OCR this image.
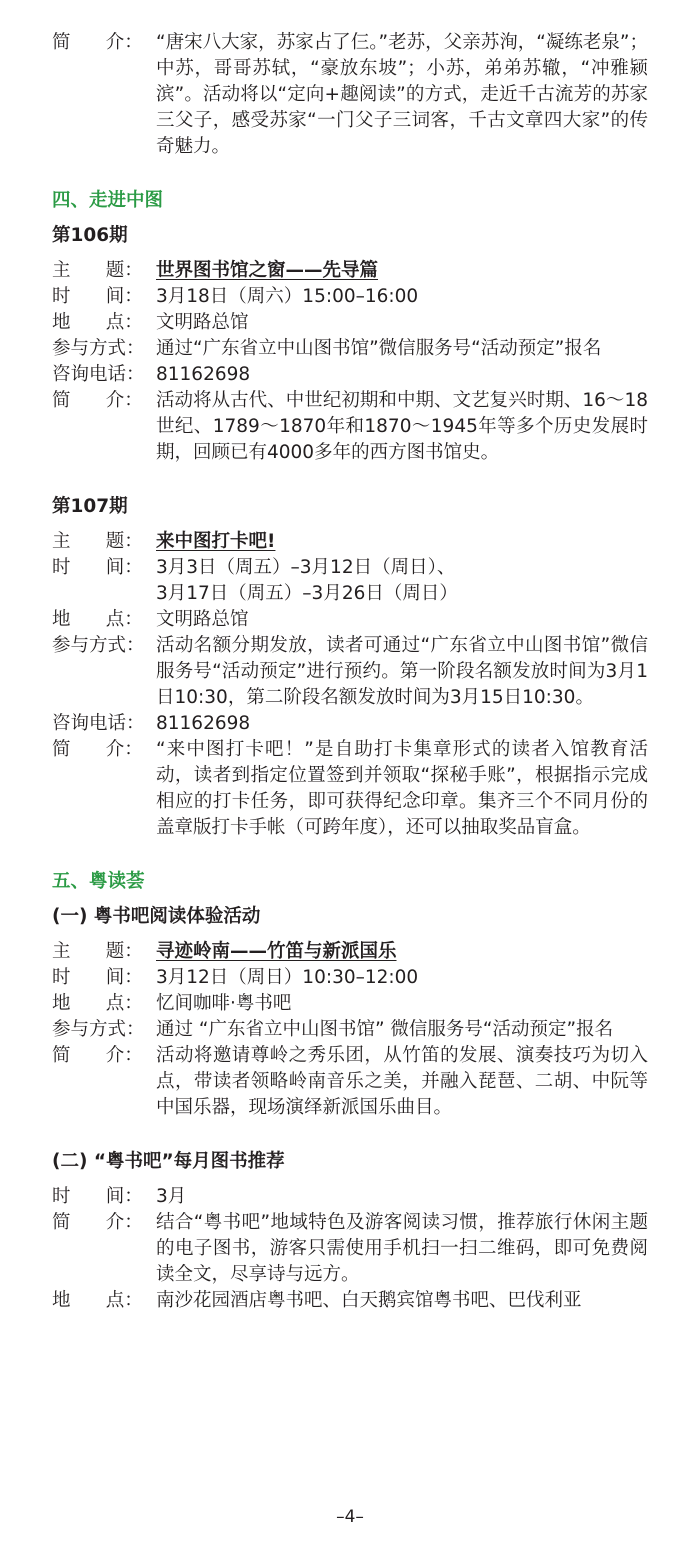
简      介： “唐宋八大家，苏家占了仨。”老苏，父亲苏洵，“凝练老泉”；中苏，哥哥苏轼，“豪放东坡”；小苏，弟弟苏辙，“冲雅颍滨”。活动将以“定向+趣阅读”的方式，走近千古流芳的苏家三父子，感受苏家“一门父子三词客，千古文章四大家”的传奇魅力。
四、走进中图
第106期
主      题： 世界图书馆之窗——先导篇
时      间： 3月18日（周六）15:00–16:00
地      点： 文明路总馆
参与方式： 通过“广东省立中山图书馆”微信服务号“活动预定”报名
咨询电话： 81162698
简      介： 活动将从古代、中世纪初期和中期、文艺复兴时期、16～18世纪、1789～1870年和1870～1945年等多个历史发展时期，回顾已有4000多年的西方图书馆史。
第107期
主      题： 来中图打卡吧!
时      间： 3月3日（周五）–3月12日（周日）、
3月17日（周五）–3月26日（周日）
地      点： 文明路总馆
参与方式： 活动名额分期发放，读者可通过“广东省立中山图书馆”微信服务号“活动预定”进行预约。第一阶段名额发放时间为3月1日10:30，第二阶段名额发放时间为3月15日10:30。
咨询电话： 81162698
简      介： “来中图打卡吧！”是自助打卡集章形式的读者入馆教育活动，读者到指定位置签到并领取“探秘手账”，根据指示完成相应的打卡任务，即可获得纪念印章。集齐三个不同月份的盖章版打卡手帐（可跨年度），还可以抽取奖品盲盒。
五、粤读荟
(一) 粤书吧阅读体验活动
主      题： 寻迹岭南——竹笛与新派国乐
时      间： 3月12日（周日）10:30–12:00
地      点： 忆间咖啡·粤书吧
参与方式： 通过 “广东省立中山图书馆” 微信服务号“活动预定”报名
简      介： 活动将邀请尊岭之秀乐团，从竹笛的发展、演奏技巧为切入点，带读者领略岭南音乐之美，并融入琵琶、二胡、中阮等中国乐器，现场演绎新派国乐曲目。
(二) “粤书吧”每月图书推荐
时      间： 3月
简      介： 结合“粤书吧”地域特色及游客阅读习惯，推荐旅行休闲主题的电子图书，游客只需使用手机扫一扫二维码，即可免费阅读全文，尽享诗与远方。
地      点： 南沙花园酒店粤书吧、白天鹅宾馆粤书吧、巴伐利亚
–4–
